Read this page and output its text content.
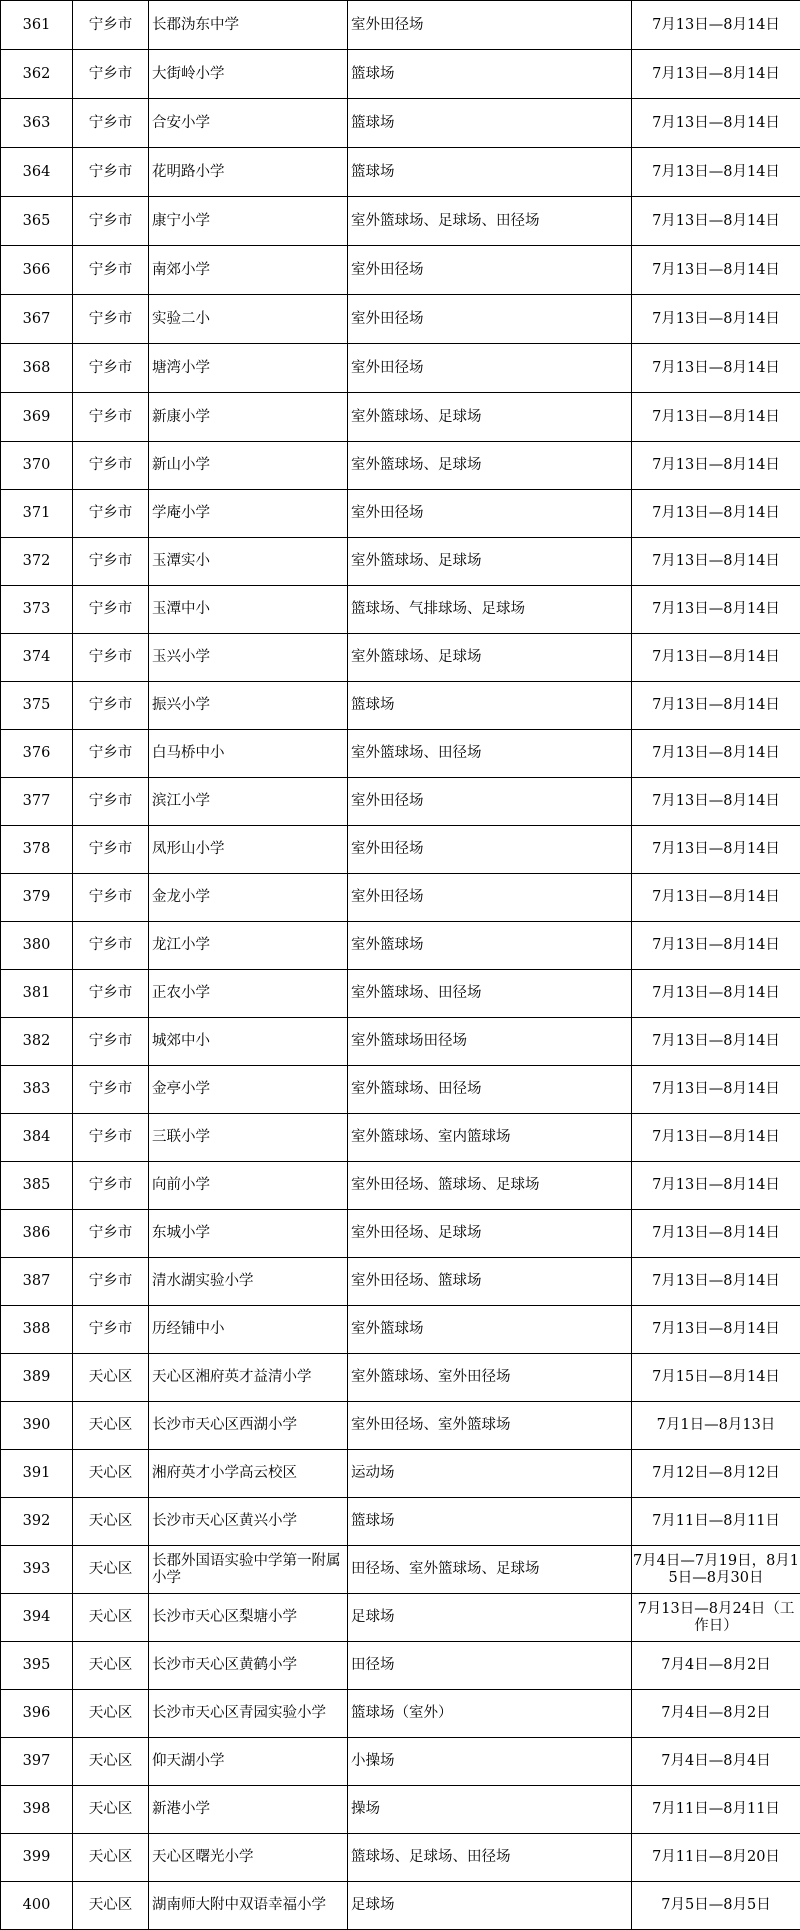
361	宁乡市	长郡沩东中学	室外田径场	7月13日—8月14日
362	宁乡市	大街岭小学	篮球场	7月13日—8月14日
363	宁乡市	合安小学	篮球场	7月13日—8月14日
364	宁乡市	花明路小学	篮球场	7月13日—8月14日
365	宁乡市	康宁小学	室外篮球场、足球场、田径场	7月13日—8月14日
366	宁乡市	南郊小学	室外田径场	7月13日—8月14日
367	宁乡市	实验二小	室外田径场	7月13日—8月14日
368	宁乡市	塘湾小学	室外田径场	7月13日—8月14日
369	宁乡市	新康小学	室外篮球场、足球场	7月13日—8月14日
370	宁乡市	新山小学	室外篮球场、足球场	7月13日—8月14日
371	宁乡市	学庵小学	室外田径场	7月13日—8月14日
372	宁乡市	玉潭实小	室外篮球场、足球场	7月13日—8月14日
373	宁乡市	玉潭中小	篮球场、气排球场、足球场	7月13日—8月14日
374	宁乡市	玉兴小学	室外篮球场、足球场	7月13日—8月14日
375	宁乡市	振兴小学	篮球场	7月13日—8月14日
376	宁乡市	白马桥中小	室外篮球场、田径场	7月13日—8月14日
377	宁乡市	滨江小学	室外田径场	7月13日—8月14日
378	宁乡市	凤形山小学	室外田径场	7月13日—8月14日
379	宁乡市	金龙小学	室外田径场	7月13日—8月14日
380	宁乡市	龙江小学	室外篮球场	7月13日—8月14日
381	宁乡市	正农小学	室外篮球场、田径场	7月13日—8月14日
382	宁乡市	城郊中小	室外篮球场田径场	7月13日—8月14日
383	宁乡市	金亭小学	室外篮球场、田径场	7月13日—8月14日
384	宁乡市	三联小学	室外篮球场、室内篮球场	7月13日—8月14日
385	宁乡市	向前小学	室外田径场、篮球场、足球场	7月13日—8月14日
386	宁乡市	东城小学	室外田径场、足球场	7月13日—8月14日
387	宁乡市	清水湖实验小学	室外田径场、篮球场	7月13日—8月14日
388	宁乡市	历经铺中小	室外篮球场	7月13日—8月14日
389	天心区	天心区湘府英才益清小学	室外篮球场、室外田径场	7月15日—8月14日
390	天心区	长沙市天心区西湖小学	室外田径场、室外篮球场	7月1日—8月13日
391	天心区	湘府英才小学高云校区	运动场	7月12日—8月12日
392	天心区	长沙市天心区黄兴小学	篮球场	7月11日—8月11日
393	天心区	长郡外国语实验中学第一附属小学	田径场、室外篮球场、足球场	7月4日—7月19日，8月15日—8月30日
394	天心区	长沙市天心区梨塘小学	足球场	7月13日—8月24日（工作日）
395	天心区	长沙市天心区黄鹤小学	田径场	7月4日—8月2日
396	天心区	长沙市天心区青园实验小学	篮球场（室外）	7月4日—8月2日
397	天心区	仰天湖小学	小操场	7月4日—8月4日
398	天心区	新港小学	操场	7月11日—8月11日
399	天心区	天心区曙光小学	篮球场、足球场、田径场	7月11日—8月20日
400	天心区	湖南师大附中双语幸福小学	足球场	7月5日—8月5日
